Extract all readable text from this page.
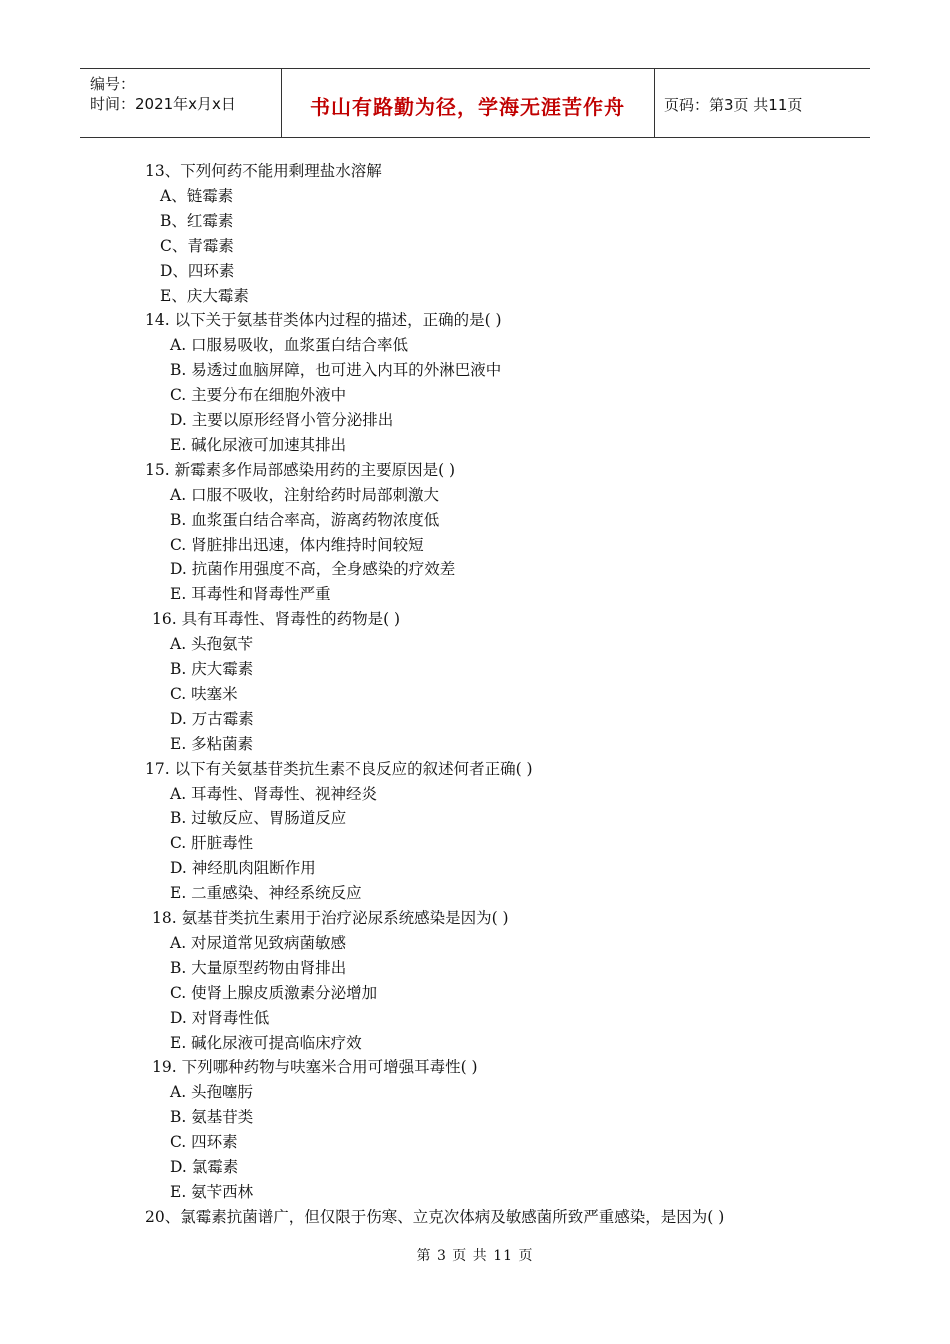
编号：
时间：2021年x月x日	书山有路勤为径，学海无涯苦作舟	页码：第3页 共11页
13、下列何药不能用剩理盐水溶解
A、链霉素
B、红霉素
C、青霉素
D、四环素
E、庆大霉素
14. 以下关于氨基苷类体内过程的描述，正确的是( )
A. 口服易吸收，血浆蛋白结合率低
B. 易透过血脑屏障，也可进入内耳的外淋巴液中
C. 主要分布在细胞外液中
D. 主要以原形经肾小管分泌排出
E. 碱化尿液可加速其排出
15. 新霉素多作局部感染用药的主要原因是( )
A. 口服不吸收，注射给药时局部刺激大
B. 血浆蛋白结合率高，游离药物浓度低
C. 肾脏排出迅速，体内维持时间较短
D. 抗菌作用强度不高，全身感染的疗效差
E. 耳毒性和肾毒性严重
16. 具有耳毒性、肾毒性的药物是( )
A. 头孢氨苄
B. 庆大霉素
C. 呋塞米
D. 万古霉素
E. 多粘菌素
17. 以下有关氨基苷类抗生素不良反应的叙述何者正确( )
A. 耳毒性、肾毒性、视神经炎
B. 过敏反应、胃肠道反应
C. 肝脏毒性
D. 神经肌肉阻断作用
E. 二重感染、神经系统反应
18. 氨基苷类抗生素用于治疗泌尿系统感染是因为( )
A. 对尿道常见致病菌敏感
B. 大量原型药物由肾排出
C. 使肾上腺皮质激素分泌增加
D. 对肾毒性低
E. 碱化尿液可提高临床疗效
19. 下列哪种药物与呋塞米合用可增强耳毒性( )
A. 头孢噻肟
B. 氨基苷类
C. 四环素
D. 氯霉素
E. 氨苄西林
20、氯霉素抗菌谱广，但仅限于伤寒、立克次体病及敏感菌所致严重感染，是因为( )
第 3 页 共 11 页
